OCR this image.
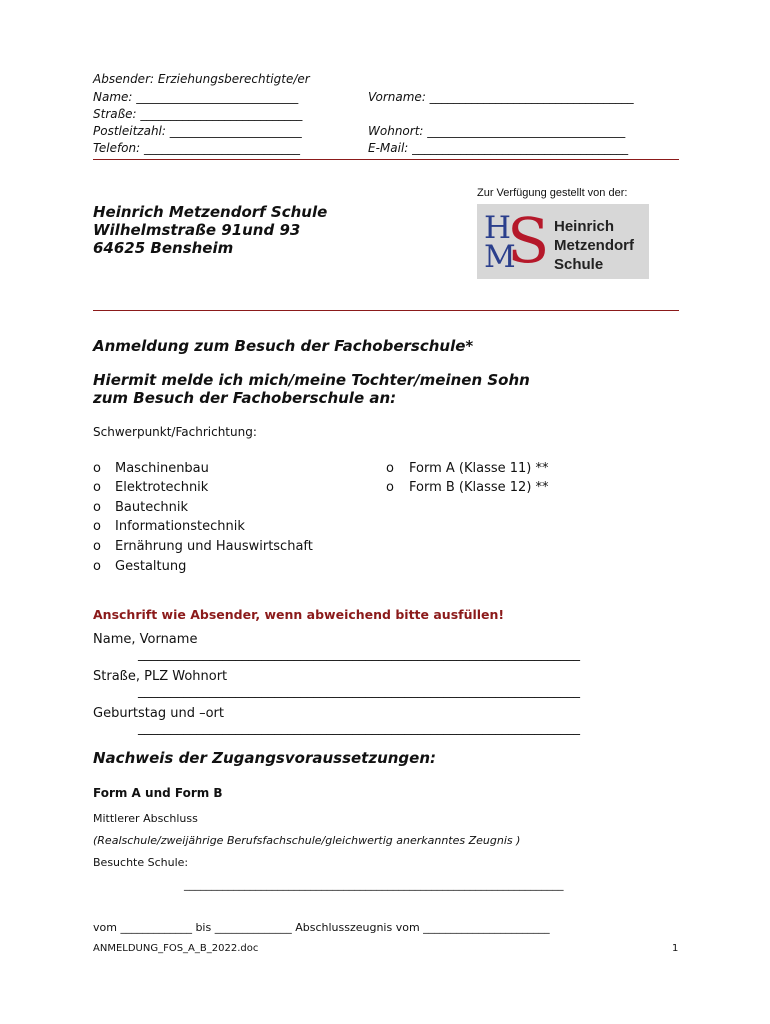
Absender: Erziehungsberechtigte/er
Name: ___________________________	Vorname: __________________________________
Straße: ___________________________
Postleitzahl: ______________________	Wohnort: _________________________________
Telefon: __________________________	E-Mail: ____________________________________
Zur Verfügung gestellt von der:
Heinrich Metzendorf Schule
Wilhelmstraße 91und 93
64625 Bensheim
H
M
S Heinrich
Metzendorf
Schule
Anmeldung zum Besuch der Fachoberschule*
Hiermit melde ich mich/meine Tochter/meinen Sohn
zum Besuch der Fachoberschule an:
Schwerpunkt/Fachrichtung:
o Maschinenbau
o Elektrotechnik
o Bautechnik
o Informationstechnik
o Ernährung und Hauswirtschaft
o Gestaltung
o Form A (Klasse 11) **
o Form B (Klasse 12) **
Anschrift wie Absender, wenn abweichend bitte ausfüllen!
Name, Vorname
____________________________________________________________________
Straße, PLZ Wohnort
____________________________________________________________________
Geburtstag und –ort
____________________________________________________________________
Nachweis der Zugangsvoraussetzungen:
Form A und Form B
Mittlerer Abschluss
(Realschule/zweijährige Berufsfachschule/gleichwertig anerkanntes Zeugnis )
Besuchte Schule:
_____________________________________________________________________
vom _____________ bis ______________ Abschlusszeugnis vom _______________________
ANMELDUNG_FOS_A_B_2022.doc	1
